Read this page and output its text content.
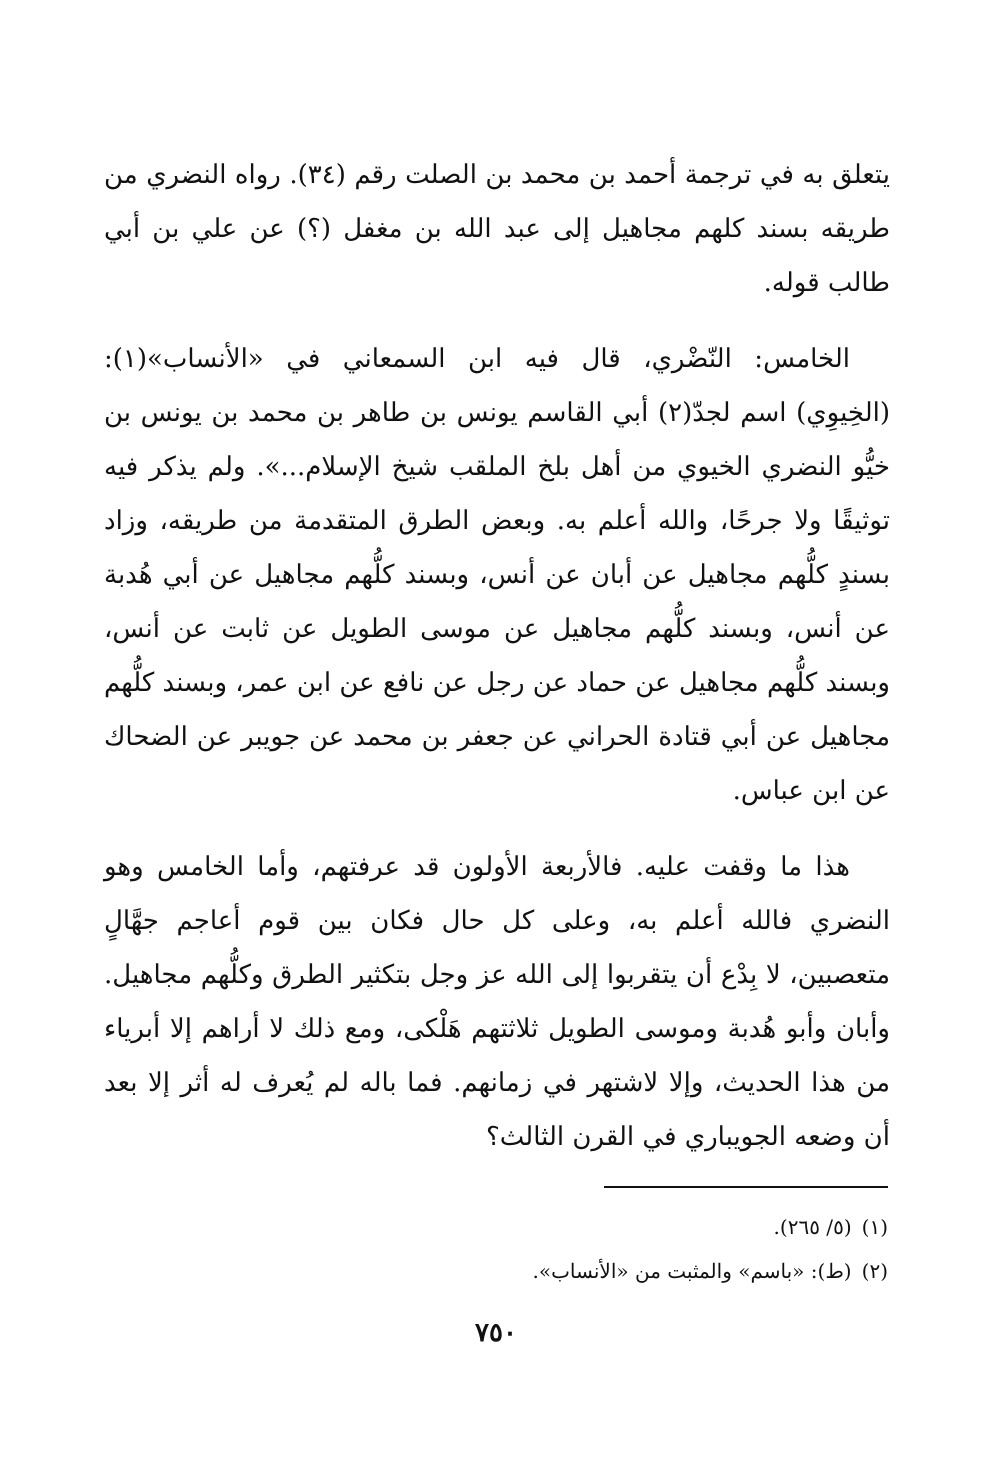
يتعلق به في ترجمة أحمد بن محمد بن الصلت رقم (٣٤). رواه النضري من طريقه بسند كلهم مجاهيل إلى عبد الله بن مغفل (؟) عن علي بن أبي طالب قوله.

الخامس: النّضْري، قال فيه ابن السمعاني في «الأنساب»(١): (الخِيوِي) اسم لجدّ(٢) أبي القاسم يونس بن طاهر بن محمد بن يونس بن خيُّو النضري الخيوي من أهل بلخ الملقب شيخ الإسلام...». ولم يذكر فيه توثيقًا ولا جرحًا، والله أعلم به. وبعض الطرق المتقدمة من طريقه، وزاد بسندٍ كلُّهم مجاهيل عن أبان عن أنس، وبسند كلُّهم مجاهيل عن أبي هُدبة عن أنس، وبسند كلُّهم مجاهيل عن موسى الطويل عن ثابت عن أنس، وبسند كلُّهم مجاهيل عن حماد عن رجل عن نافع عن ابن عمر، وبسند كلُّهم مجاهيل عن أبي قتادة الحراني عن جعفر بن محمد عن جويبر عن الضحاك عن ابن عباس.

هذا ما وقفت عليه. فالأربعة الأولون قد عرفتهم، وأما الخامس وهو النضري فالله أعلم به، وعلى كل حال فكان بين قوم أعاجم جهَّالٍ متعصبين، لا بِدْع أن يتقربوا إلى الله عز وجل بتكثير الطرق وكلُّهم مجاهيل. وأبان وأبو هُدبة وموسى الطويل ثلاثتهم هَلْكى، ومع ذلك لا أراهم إلا أبرياء من هذا الحديث، وإلا لاشتهر في زمانهم. فما باله لم يُعرف له أثر إلا بعد أن وضعه الجويباري في القرن الثالث؟

(١)(٥/ ٢٦٥).

(٢)(ط): «باسم» والمثبت من «الأنساب».

٧٥٠
